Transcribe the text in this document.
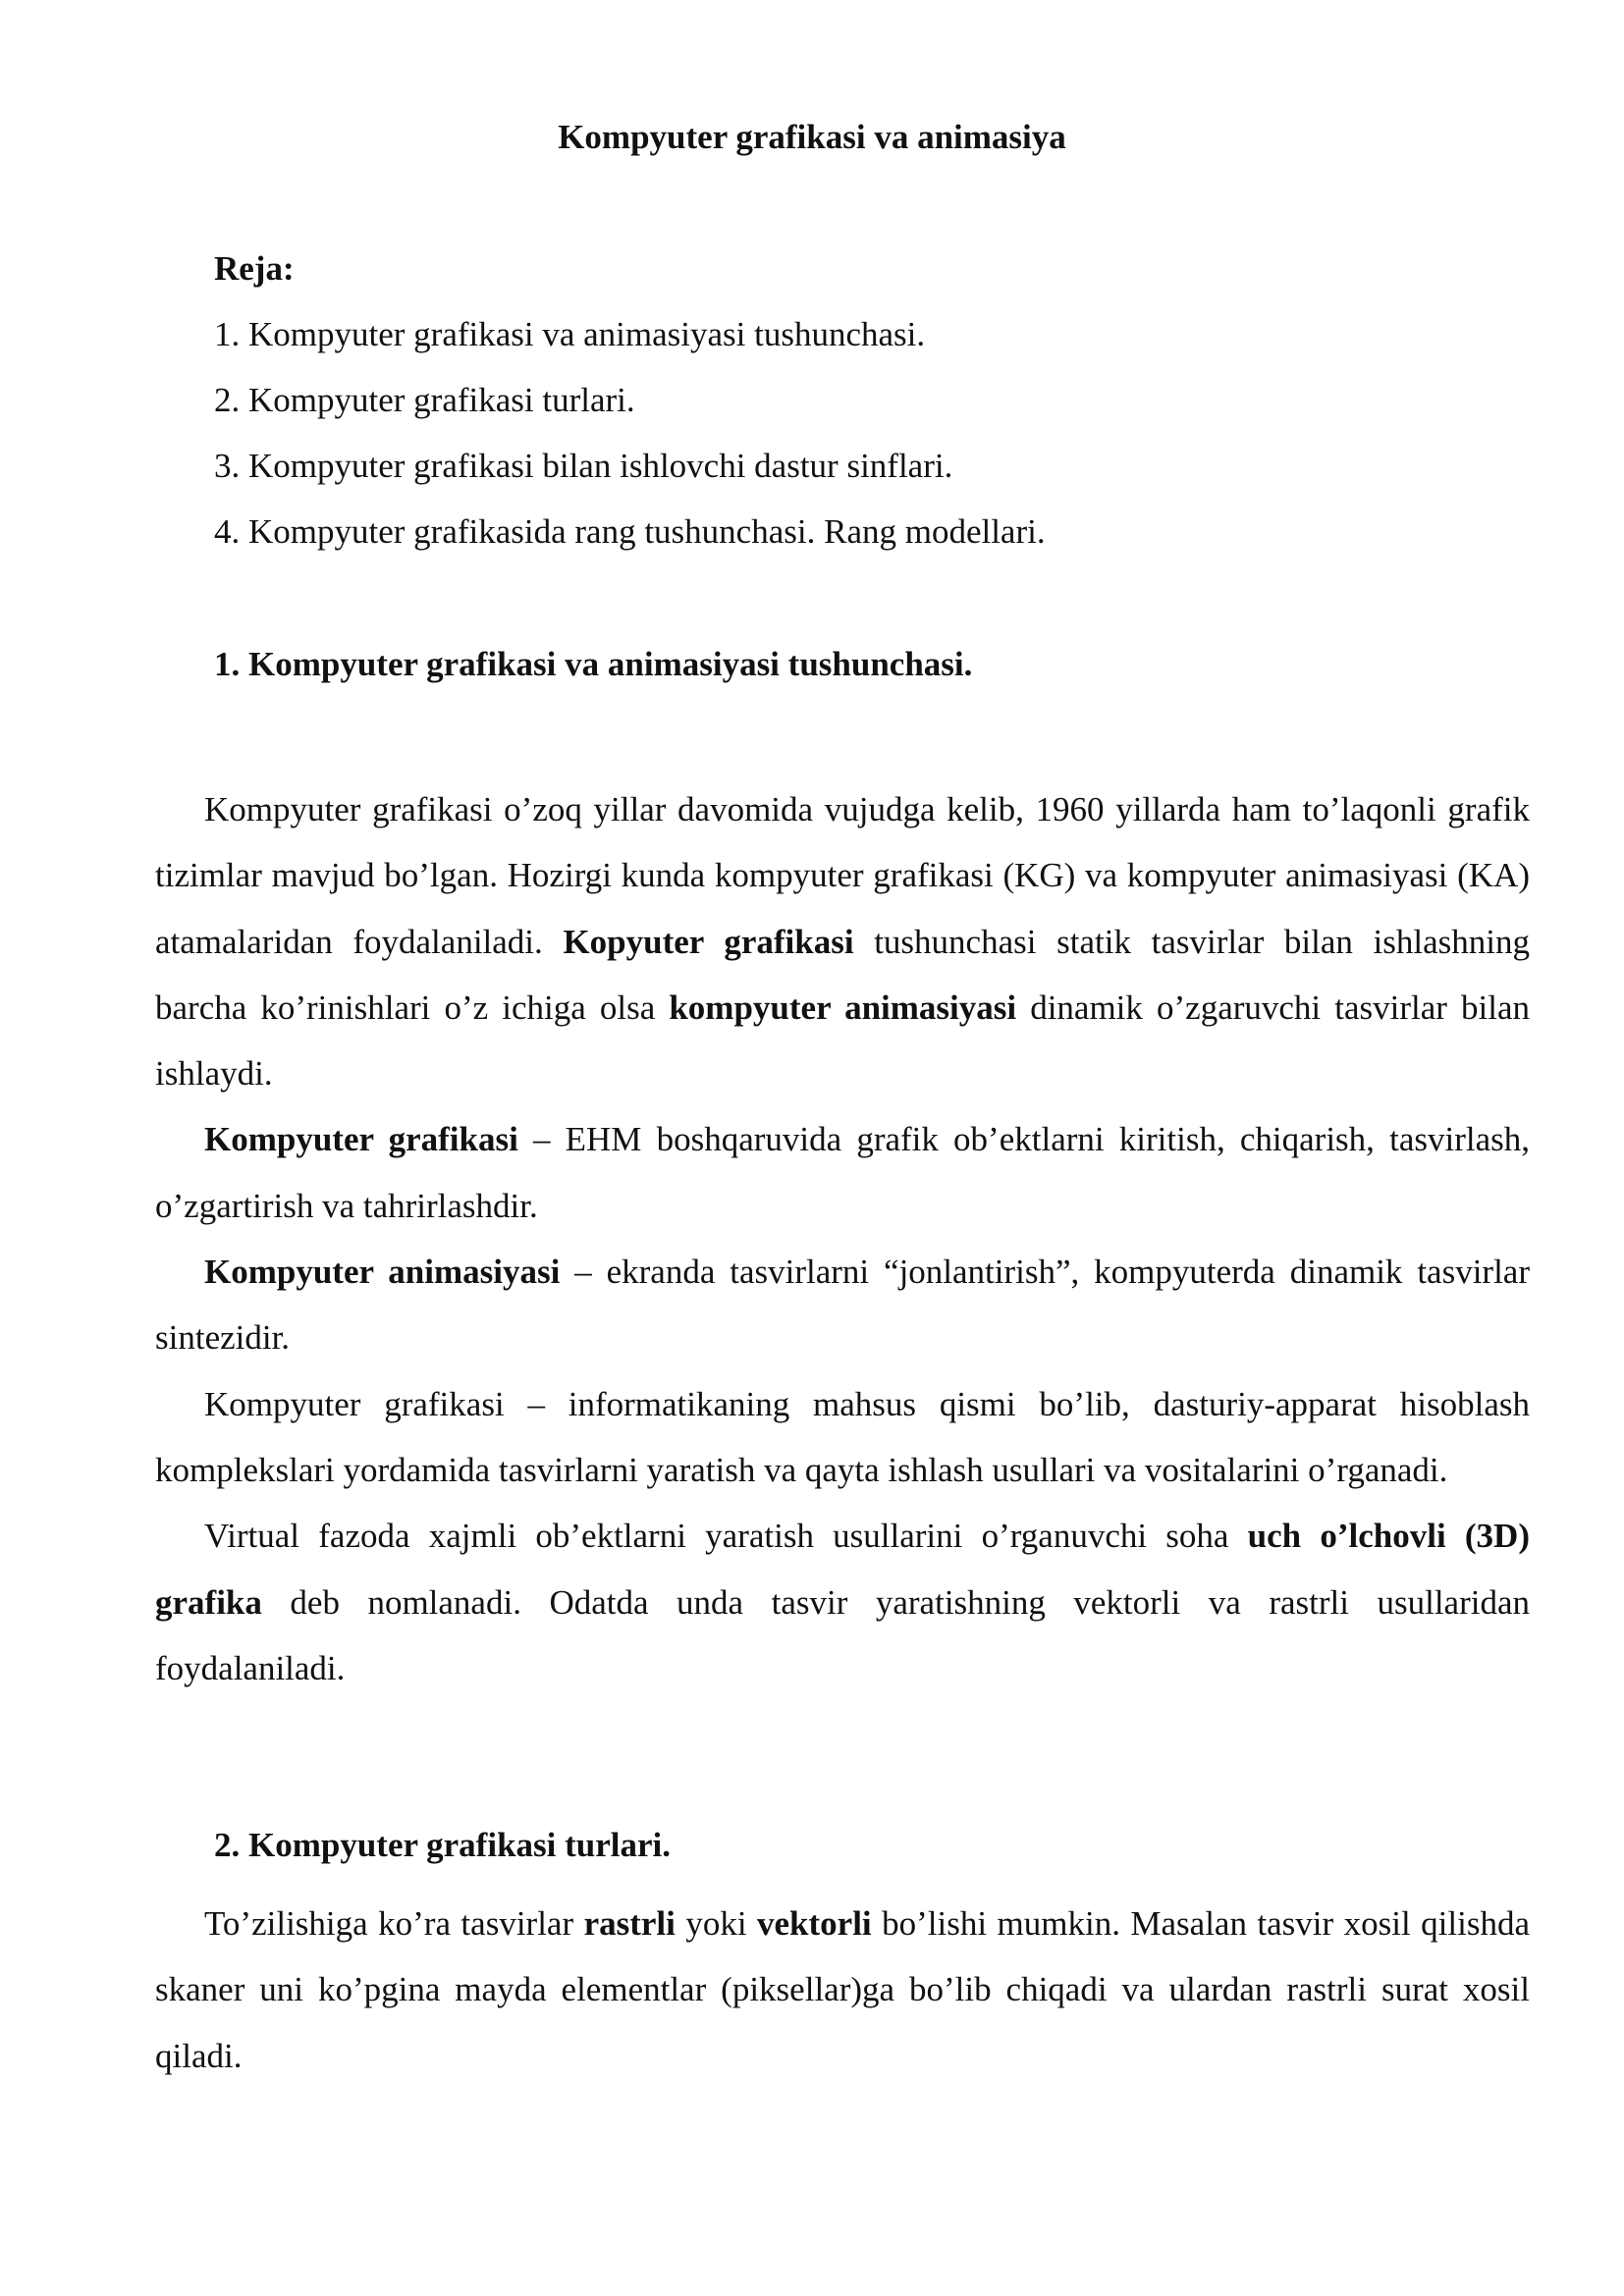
Kompyuter grafikasi va animasiya
Reja:
1. Kompyuter grafikasi va animasiyasi tushunchasi.
2. Kompyuter grafikasi turlari.
3. Kompyuter grafikasi bilan ishlovchi dastur sinflari.
4. Kompyuter grafikasida rang tushunchasi. Rang modellari.
1. Kompyuter grafikasi va animasiyasi tushunchasi.

Kompyuter grafikasi o’zoq yillar davomida vujudga kelib, 1960 yillarda ham to’laqonli grafik tizimlar mavjud bo’lgan. Hozirgi kunda kompyuter grafikasi (KG) va kompyuter animasiyasi (KA) atamalaridan foydalaniladi. Kopyuter grafikasi tushunchasi statik tasvirlar bilan ishlashning barcha ko’rinishlari o’z ichiga olsa kompyuter animasiyasi dinamik o’zgaruvchi tasvirlar bilan ishlaydi.

Kompyuter grafikasi – EHM boshqaruvida grafik ob’ektlarni kiritish, chiqarish, tasvirlash, o’zgartirish va tahrirlashdir.

Kompyuter animasiyasi – ekranda tasvirlarni “jonlantirish”, kompyuterda dinamik tasvirlar sintezidir.

Kompyuter grafikasi – informatikaning mahsus qismi bo’lib, dasturiy-apparat hisoblash komplekslari yordamida tasvirlarni yaratish va qayta ishlash usullari va vositalarini o’rganadi.

Virtual fazoda xajmli ob’ektlarni yaratish usullarini o’rganuvchi soha uch o’lchovli (3D) grafika deb nomlanadi. Odatda unda tasvir yaratishning vektorli va rastrli usullaridan foydalaniladi.

2. Kompyuter grafikasi turlari.

To’zilishiga ko’ra tasvirlar rastrli yoki vektorli bo’lishi mumkin. Masalan tasvir xosil qilishda skaner uni ko’pgina mayda elementlar (piksellar)ga bo’lib chiqadi va ulardan rastrli surat xosil qiladi.
